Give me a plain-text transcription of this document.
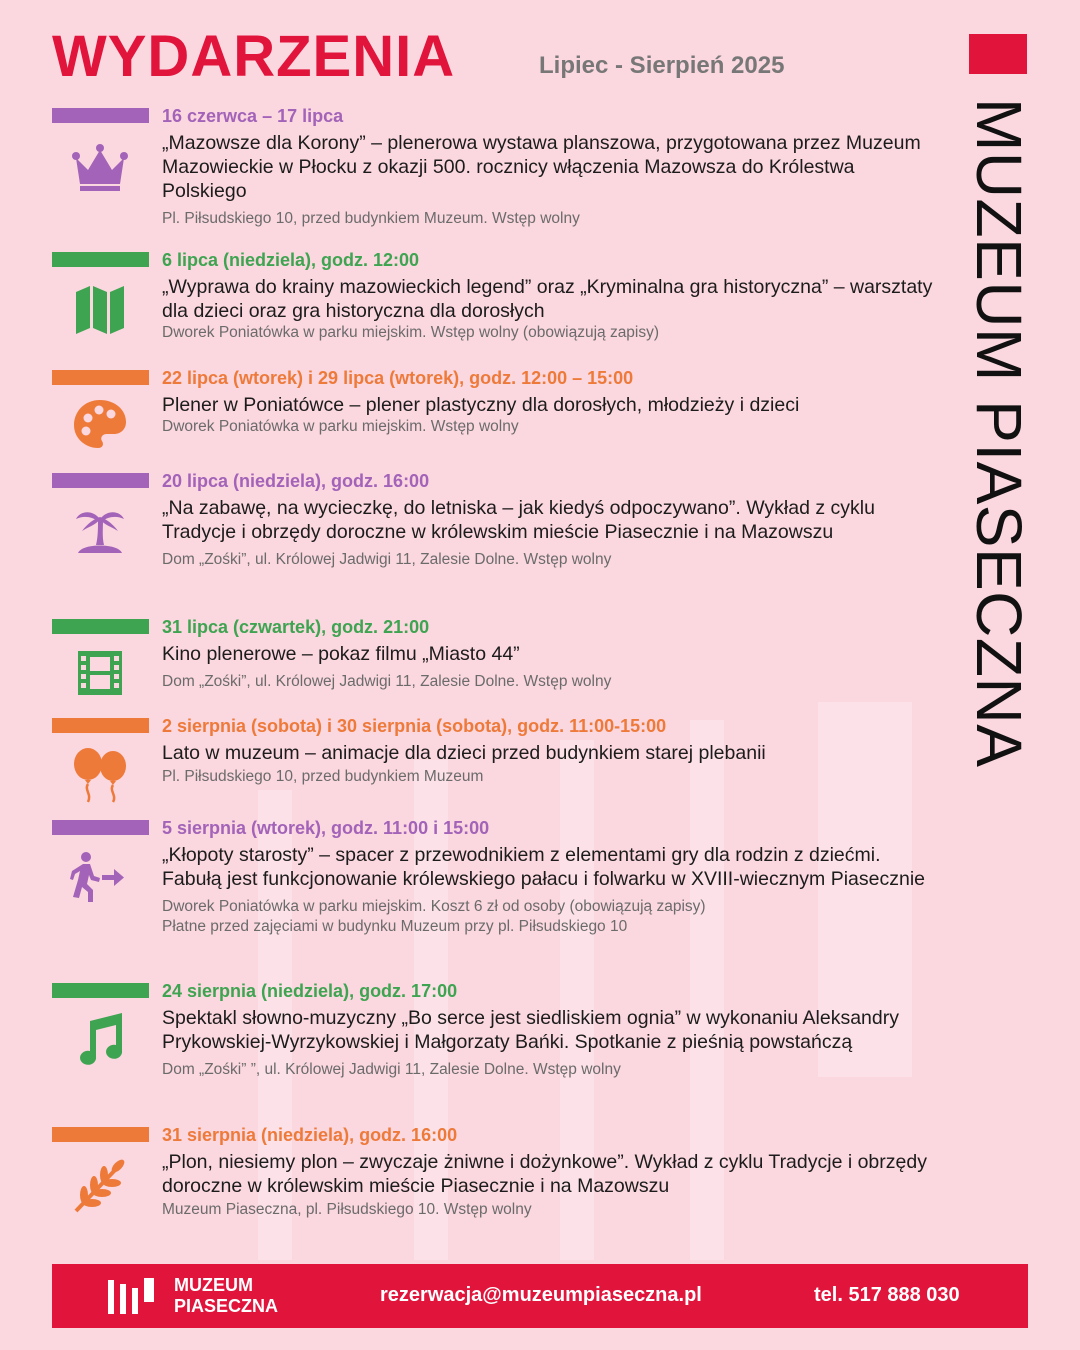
WYDARZENIA	Lipiec - Sierpień 2025
MUZEUM PIASECZNA
16 czerwca – 17 lipca
„Mazowsze dla Korony” – plenerowa wystawa planszowa, przygotowana przez Muzeum Mazowieckie w Płocku z okazji 500. rocznicy włączenia Mazowsza do Królestwa Polskiego
Pl. Piłsudskiego 10, przed budynkiem Muzeum. Wstęp wolny
6 lipca (niedziela), godz. 12:00
„Wyprawa do krainy mazowieckich legend” oraz „Kryminalna gra historyczna” – warsztaty dla dzieci oraz gra historyczna dla dorosłych
Dworek Poniatówka w parku miejskim. Wstęp wolny (obowiązują zapisy)
22 lipca (wtorek) i 29 lipca (wtorek), godz. 12:00 – 15:00
Plener w Poniatówce – plener plastyczny dla dorosłych, młodzieży i dzieci
Dworek Poniatówka w parku miejskim. Wstęp wolny
20 lipca (niedziela), godz. 16:00
„Na zabawę, na wycieczkę, do letniska – jak kiedyś odpoczywano”. Wykład z cyklu Tradycje i obrzędy doroczne w królewskim mieście Piasecznie i na Mazowszu
Dom „Zośki”, ul. Królowej Jadwigi 11, Zalesie Dolne. Wstęp wolny
31 lipca (czwartek), godz. 21:00
Kino plenerowe – pokaz filmu „Miasto 44”
Dom „Zośki”, ul. Królowej Jadwigi 11, Zalesie Dolne. Wstęp wolny
2 sierpnia (sobota) i 30 sierpnia (sobota), godz. 11:00-15:00
Lato w muzeum – animacje dla dzieci przed budynkiem starej plebanii
Pl. Piłsudskiego 10, przed budynkiem Muzeum
5 sierpnia (wtorek), godz. 11:00 i 15:00
„Kłopoty starosty” – spacer z przewodnikiem z elementami gry dla rodzin z dziećmi. Fabułą jest funkcjonowanie królewskiego pałacu i folwarku w XVIII-wiecznym Piasecznie
Dworek Poniatówka w parku miejskim. Koszt 6 zł od osoby (obowiązują zapisy)
Płatne przed zajęciami w budynku Muzeum przy pl. Piłsudskiego 10
24 sierpnia (niedziela), godz. 17:00
Spektakl słowno-muzyczny „Bo serce jest siedliskiem ognia” w wykonaniu Aleksandry Prykowskiej-Wyrzykowskiej i Małgorzaty Bańki. Spotkanie z pieśnią powstańczą
Dom „Zośki” ”, ul. Królowej Jadwigi 11, Zalesie Dolne. Wstęp wolny
31 sierpnia (niedziela), godz. 16:00
„Plon, niesiemy plon – zwyczaje żniwne i dożynkowe”. Wykład z cyklu Tradycje i obrzędy doroczne w królewskim mieście Piasecznie i na Mazowszu
Muzeum Piaseczna, pl. Piłsudskiego 10. Wstęp wolny
MUZEUM
PIASECZNA	rezerwacja@muzeumpiaseczna.pl	tel. 517 888 030
